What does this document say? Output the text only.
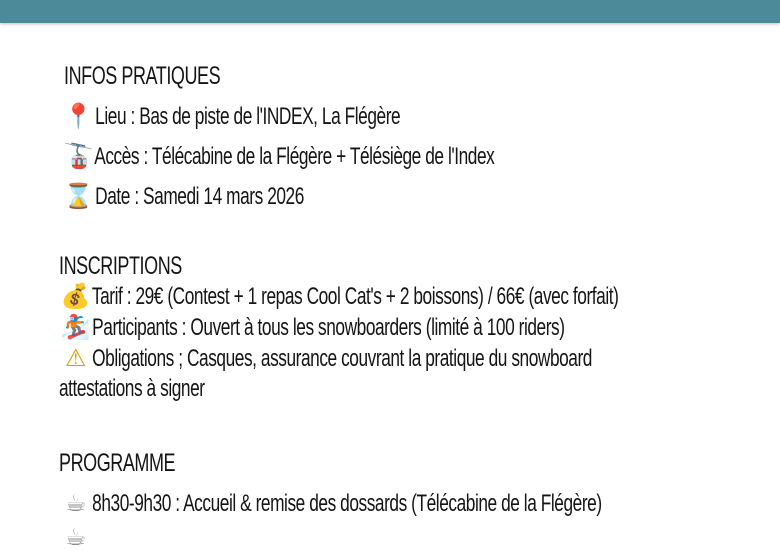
INFOS PRATIQUES
📍 Lieu : Bas de piste de l'INDEX, La Flégère
🚡 Accès : Télécabine de la Flégère + Télésiège de l'Index
⌛ Date : Samedi 14 mars 2026
INSCRIPTIONS
💰 Tarif : 29€ (Contest + 1 repas Cool Cat's + 2 boissons) / 66€ (avec forfait)
🏂 Participants : Ouvert à tous les snowboarders (limité à 100 riders)
⚠ Obligations ; Casques, assurance couvrant la pratique du snowboard
attestations à signer
PROGRAMME
☕ 8h30-9h30 : Accueil & remise des dossards (Télécabine de la Flégère)
☕
